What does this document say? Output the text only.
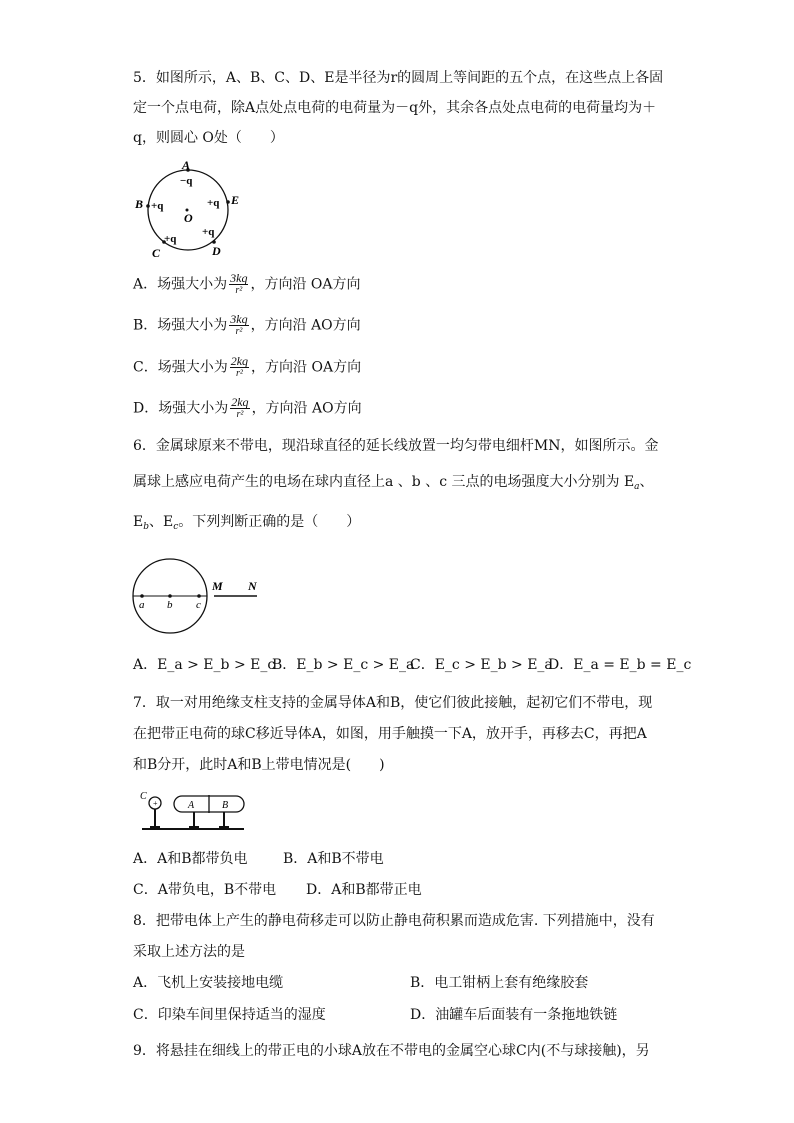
5．如图所示，A、B、C、D、E是半径为r的圆周上等间距的五个点，在这些点上各固
定一个点电荷，除A点处点电荷的电荷量为－q外，其余各点处点电荷的电荷量均为＋
q，则圆心 O处（　　）
A
−q
B +q
O
+q E
+q
+q
C	D
A．场强大小为 $\frac{3kq}{\text{r²}}$ ，方向沿 OA方向
B．场强大小为 $\frac{3kq}{\text{r²}}$ ，方向沿 AO方向
C．场强大小为 $\frac{2kq}{\text{r²}}$ ，方向沿 OA方向
D．场强大小为 $\frac{2kq}{\text{r²}}$ ，方向沿 AO方向
6．金属球原来不带电，现沿球直径的延长线放置一均匀带电细杆MN，如图所示。金
属球上感应电荷产生的电场在球内直径上a 、b 、c 三点的电场强度大小分别为 $E_a$、
$E_b$、$E_c$。下列判断正确的是（　　）
M N
a b c
A．E_a > E_b > E_c
B．E_b > E_c > E_a
C．E_c > E_b > E_a
D．E_a = E_b = E_c
7．取一对用绝缘支柱支持的金属导体A和B，使它们彼此接触，起初它们不带电，现
在把带正电荷的球C移近导体A，如图，用手触摸一下A，放开手，再移去C，再把A
和B分开，此时A和B上带电情况是(　　)
+
C
A	B
A．A和B都带负电	B．A和B不带电
C．A带负电，B不带电 D．A和B都带正电
8．把带电体上产生的静电荷移走可以防止静电荷积累而造成危害. 下列措施中，没有
采取上述方法的是
A．飞机上安装接地电缆	B．电工钳柄上套有绝缘胶套
C．印染车间里保持适当的湿度	D．油罐车后面装有一条拖地铁链
9．将悬挂在细线上的带正电的小球A放在不带电的金属空心球C内(不与球接触)，另
